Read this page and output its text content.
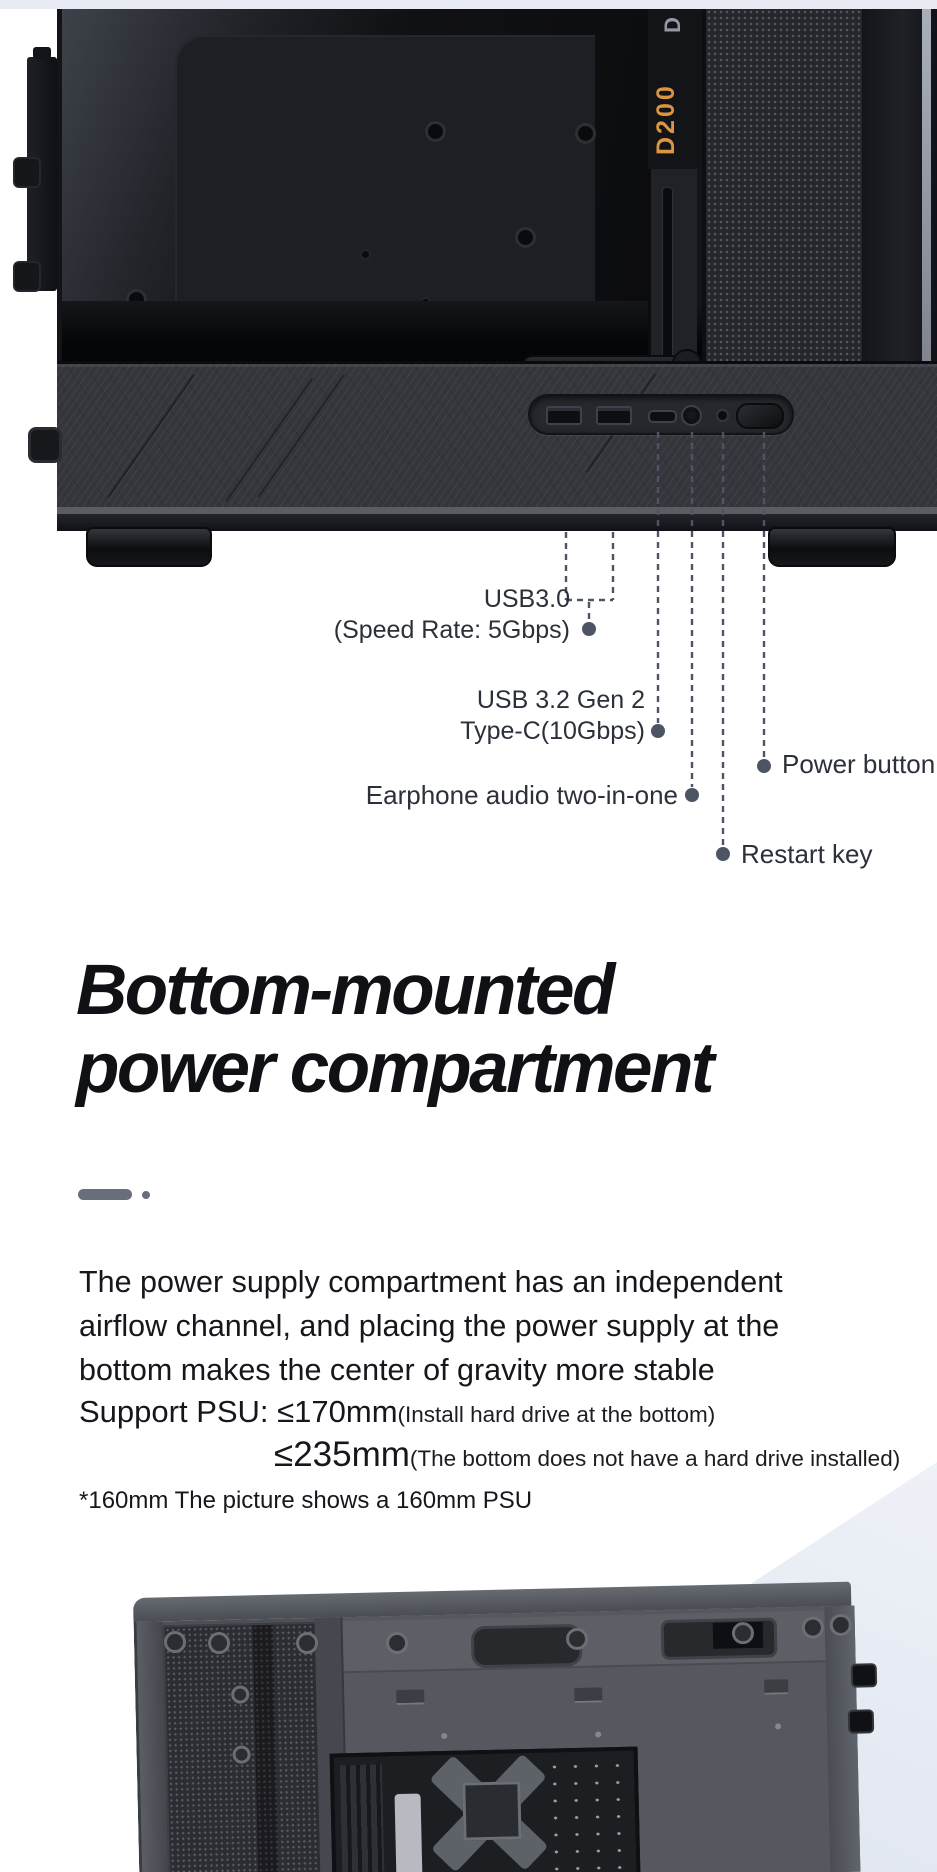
D
D200
USB3.0
(Speed Rate: 5Gbps)
USB 3.2 Gen 2
Type-C(10Gbps)
Power button
Earphone audio two-in-one
Restart key
Bottom-mounted
power compartment
The power supply compartment has an independent
airflow channel, and placing the power supply at the
bottom makes the center of gravity more stable
Support PSU: ≤170mm(Install hard drive at the bottom)
≤235mm(The bottom does not have a hard drive installed)
*160mm The picture shows a 160mm PSU
